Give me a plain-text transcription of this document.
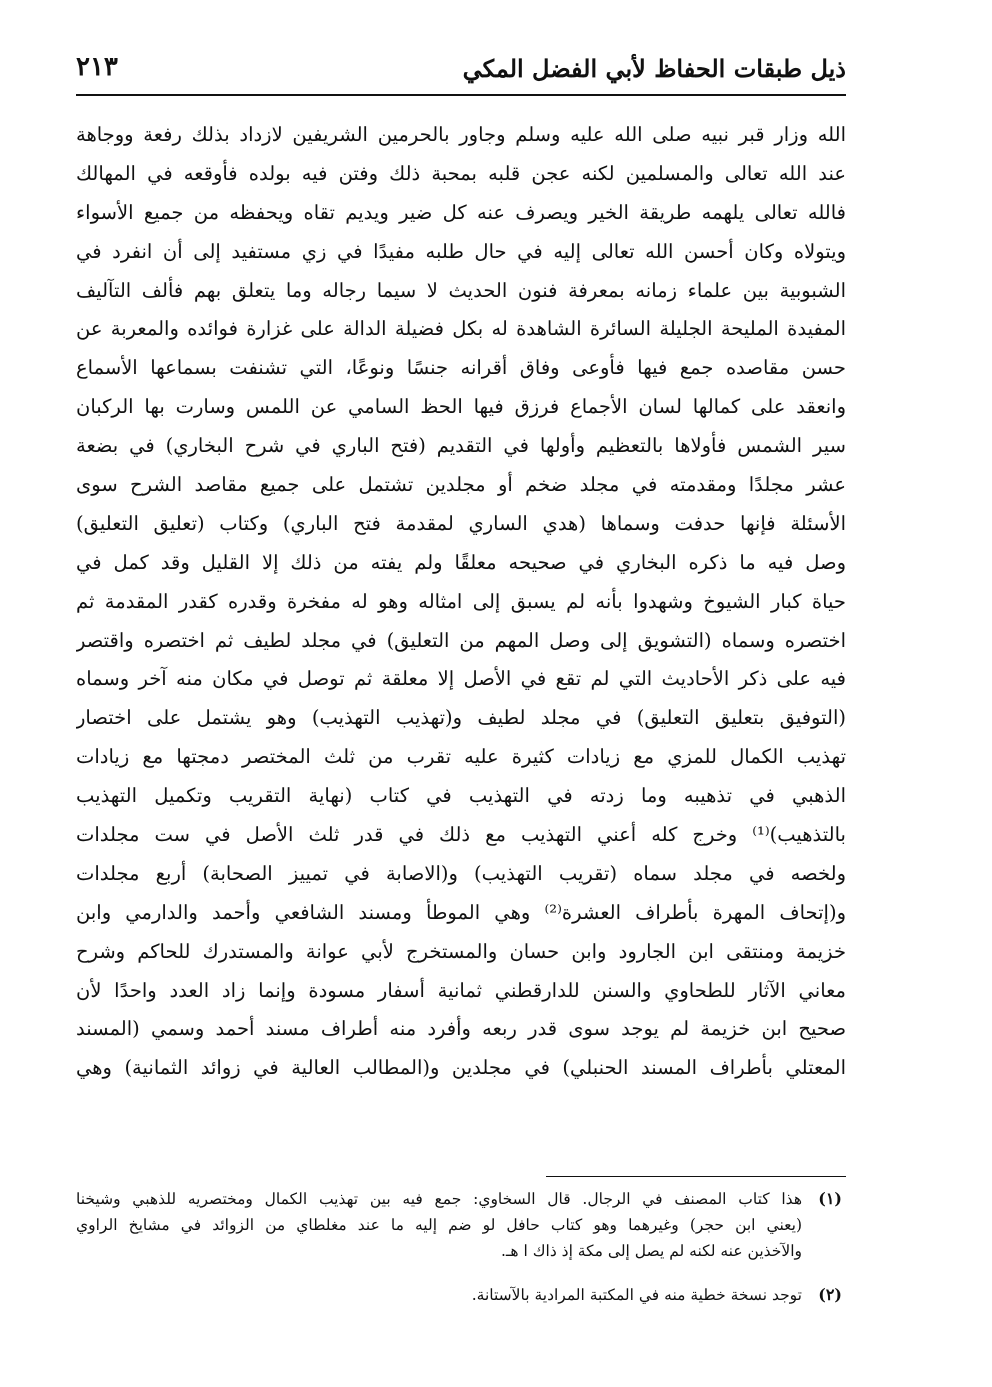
ذيل طبقات الحفاظ لأبي الفضل المكي
٢١٣
الله وزار قبر نبيه صلى الله عليه وسلم وجاور بالحرمين الشريفين لازداد بذلك رفعة ووجاهة
عند الله تعالى والمسلمين لكنه عجن قلبه بمحبة ذلك وفتن فيه بولده فأوقعه في المهالك
فالله تعالى يلهمه طريقة الخير ويصرف عنه كل ضير ويديم تقاه ويحفظه من جميع الأسواء
ويتولاه وكان أحسن الله تعالى إليه في حال طلبه مفيدًا في زي مستفيد إلى أن انفرد في
الشبوبية بين علماء زمانه بمعرفة فنون الحديث لا سيما رجاله وما يتعلق بهم فألف التآليف
المفيدة المليحة الجليلة السائرة الشاهدة له بكل فضيلة الدالة على غزارة فوائده والمعربة عن
حسن مقاصده جمع فيها فأوعى وفاق أقرانه جنسًا ونوعًا، التي تشنفت بسماعها الأسماع
وانعقد على كمالها لسان الأجماع فرزق فيها الحظ السامي عن اللمس وسارت بها الركبان
سير الشمس فأولاها بالتعظيم وأولها في التقديم (فتح الباري في شرح البخاري) في بضعة
عشر مجلدًا ومقدمته في مجلد ضخم أو مجلدين تشتمل على جميع مقاصد الشرح سوى
الأسئلة فإنها حدفت وسماها (هدي الساري لمقدمة فتح الباري) وكتاب (تعليق التعليق)
وصل فيه ما ذكره البخاري في صحيحه معلقًا ولم يفته من ذلك إلا القليل وقد كمل في
حياة كبار الشيوخ وشهدوا بأنه لم يسبق إلى امثاله وهو له مفخرة وقدره كقدر المقدمة ثم
اختصره وسماه (التشويق إلى وصل المهم من التعليق) في مجلد لطيف ثم اختصره واقتصر
فيه على ذكر الأحاديث التي لم تقع في الأصل إلا معلقة ثم توصل في مكان منه آخر وسماه
(التوفيق بتعليق التعليق) في مجلد لطيف و(تهذيب التهذيب) وهو يشتمل على اختصار
تهذيب الكمال للمزي مع زيادات كثيرة عليه تقرب من ثلث المختصر دمجتها مع زيادات
الذهبي في تذهيبه وما زدته في التهذيب في كتاب (نهاية التقريب وتكميل التهذيب
بالتذهيب)⁽¹⁾ وخرج كله أعني التهذيب مع ذلك في قدر ثلث الأصل في ست مجلدات
ولخصه في مجلد سماه (تقريب التهذيب) و(الاصابة في تمييز الصحابة) أربع مجلدات
و(إتحاف المهرة بأطراف العشرة⁽²⁾ وهي الموطأ ومسند الشافعي وأحمد والدارمي وابن
خزيمة ومنتقى ابن الجارود وابن حسان والمستخرج لأبي عوانة والمستدرك للحاكم وشرح
معاني الآثار للطحاوي والسنن للدارقطني ثمانية أسفار مسودة وإنما زاد العدد واحدًا لأن
صحيح ابن خزيمة لم يوجد سوى قدر ربعه وأفرد منه أطراف مسند أحمد وسمي (المسند
المعتلي بأطراف المسند الحنبلي) في مجلدين و(المطالب العالية في زوائد الثمانية) وهي
(١)
هذا كتاب المصنف في الرجال. قال السخاوي: جمع فيه بين تهذيب الكمال ومختصريه للذهبي وشيخنا
(يعني ابن حجر) وغيرهما وهو كتاب حافل لو ضم إليه ما عند مغلطاي من الزوائد في مشايخ الراوي
والآخذين عنه لكنه لم يصل إلى مكة إذ ذاك ا هـ.
(٢)
توجد نسخة خطية منه في المكتبة المرادية بالآستانة.
